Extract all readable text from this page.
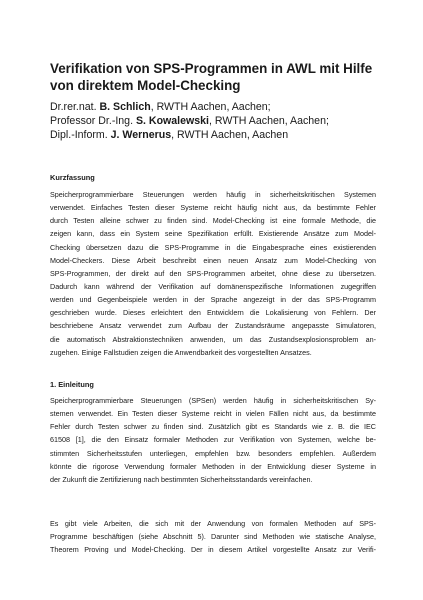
Verifikation von SPS-Programmen in AWL mit Hilfe von direktem Model-Checking
Dr.rer.nat. B. Schlich, RWTH Aachen, Aachen;
Professor Dr.-Ing. S. Kowalewski, RWTH Aachen, Aachen;
Dipl.-Inform. J. Wernerus, RWTH Aachen, Aachen
Kurzfassung
Speicherprogrammierbare Steuerungen werden häufig in sicherheitskritischen Systemen
verwendet. Einfaches Testen dieser Systeme reicht häufig nicht aus, da bestimmte Fehler
durch Testen alleine schwer zu finden sind. Model-Checking ist eine formale Methode, die
zeigen kann, dass ein System seine Spezifikation erfüllt. Existierende Ansätze zum Model-
Checking übersetzen dazu die SPS-Programme in die Eingabesprache eines existierenden
Model-Checkers. Diese Arbeit beschreibt einen neuen Ansatz zum Model-Checking von
SPS-Programmen, der direkt auf den SPS-Programmen arbeitet, ohne diese zu übersetzen.
Dadurch kann während der Verifikation auf domänenspezifische Informationen zugegriffen
werden und Gegenbeispiele werden in der Sprache angezeigt in der das SPS-Programm
geschrieben wurde. Dieses erleichtert den Entwicklern die Lokalisierung von Fehlern. Der
beschriebene Ansatz verwendet zum Aufbau der Zustandsräume angepasste Simulatoren,
die automatisch Abstraktionstechniken anwenden, um das Zustandsexplosionsproblem an-
zugehen. Einige Fallstudien zeigen die Anwendbarkeit des vorgestellten Ansatzes.
1. Einleitung
Speicherprogrammierbare Steuerungen (SPSen) werden häufig in sicherheitskritischen Sy-
stemen verwendet. Ein Testen dieser Systeme reicht in vielen Fällen nicht aus, da bestimmte
Fehler durch Testen schwer zu finden sind. Zusätzlich gibt es Standards wie z. B. die IEC
61508 [1], die den Einsatz formaler Methoden zur Verifikation von Systemen, welche be-
stimmten Sicherheitsstufen unterliegen, empfehlen bzw. besonders empfehlen. Außerdem
könnte die rigorose Verwendung formaler Methoden in der Entwicklung dieser Systeme in
der Zukunft die Zertifizierung nach bestimmten Sicherheitsstandards vereinfachen.
Es gibt viele Arbeiten, die sich mit der Anwendung von formalen Methoden auf SPS-
Programme beschäftigen (siehe Abschnitt 5). Darunter sind Methoden wie statische Analyse,
Theorem Proving und Model-Checking. Der in diesem Artikel vorgestellte Ansatz zur Verifi-
